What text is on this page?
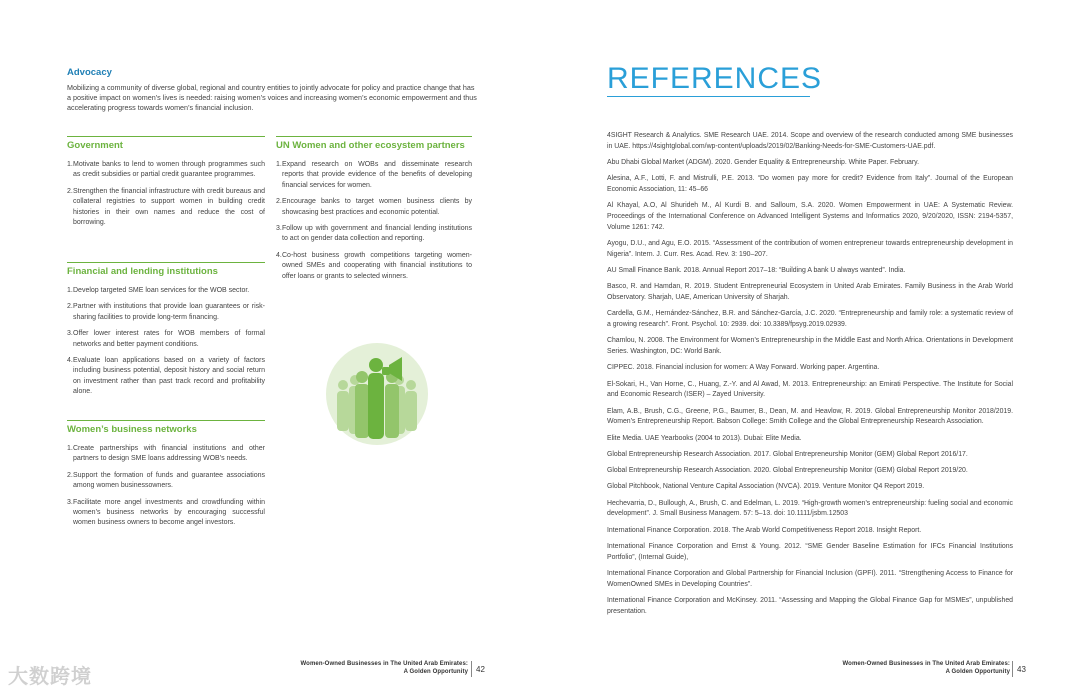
Advocacy

Mobilizing a community of diverse global, regional and country entities to jointly advocate for policy and practice change that has a positive impact on women’s lives is needed: raising women’s voices and increasing women’s economic empowerment and thus accelerating progress towards women’s financial inclusion.

Government
1. Motivate banks to lend to women through programmes such as credit subsidies or partial credit guarantee programmes.
2. Strengthen the financial infrastructure with credit bureaus and collateral registries to support women in building credit histories in their own names and reduce the cost of borrowing.
Financial and lending institutions
1. Develop targeted SME loan services for the WOB sector.
2. Partner with institutions that provide loan guarantees or risk-sharing facilities to provide long-term financing.
3. Offer lower interest rates for WOB members of formal networks and better payment conditions.
4. Evaluate loan applications based on a variety of factors including business potential, deposit history and social return on investment rather than past track record and profitability alone.
Women’s business networks
1. Create partnerships with financial institutions and other partners to design SME loans addressing WOB’s needs.
2. Support the formation of funds and guarantee associations among women businessowners.
3. Facilitate more angel investments and crowdfunding within women’s business networks by encouraging successful women business owners to become angel investors.
UN Women and other ecosystem partners
1. Expand research on WOBs and disseminate research reports that provide evidence of the benefits of developing financial services for women.
2. Encourage banks to target women business clients by showcasing best practices and economic potential.
3. Follow up with government and financial lending institutions to act on gender data collection and reporting.
4. Co-host business growth competitions targeting women-owned SMEs and cooperating with financial institutions to offer loans or grants to selected winners.
Women-Owned Businesses in The United Arab Emirates:
A Golden Opportunity 42
REFERENCES

4SIGHT Research & Analytics. SME Research UAE. 2014. Scope and overview of the research conducted among SME businesses in UAE. https://4sightglobal.com/wp-content/uploads/2019/02/Banking-Needs-for-SME-Customers-UAE.pdf.

Abu Dhabi Global Market (ADGM). 2020. Gender Equality & Entrepreneurship. White Paper. February.

Alesina, A.F., Lotti, F. and Mistrulli, P.E. 2013. “Do women pay more for credit? Evidence from Italy”. Journal of the European Economic Association, 11: 45–66

Al Khayal, A.O, Al Shurideh M., Al Kurdi B. and Salloum, S.A. 2020. Women Empowerment in UAE: A Systematic Review. Proceedings of the International Conference on Advanced Intelligent Systems and Informatics 2020, 9/20/2020, ISSN: 2194-5357, Volume 1261: 742.

Ayogu, D.U., and Agu, E.O. 2015. “Assessment of the contribution of women entrepreneur towards entrepreneurship development in Nigeria”. Intern. J. Curr. Res. Acad. Rev. 3: 190–207.

AU Small Finance Bank. 2018. Annual Report 2017–18: “Building A bank U always wanted”. India.

Basco, R. and Hamdan, R. 2019. Student Entrepreneurial Ecosystem in United Arab Emirates. Family Business in the Arab World Observatory. Sharjah, UAE, American University of Sharjah.

Cardella, G.M., Hernández-Sánchez, B.R. and Sánchez-García, J.C. 2020. “Entrepreneurship and family role: a systematic review of a growing research”. Front. Psychol. 10: 2939. doi: 10.3389/fpsyg.2019.02939.

Chamlou, N. 2008. The Environment for Women’s Entrepreneurship in the Middle East and North Africa. Orientations in Development Series. Washington, DC: World Bank.

CIPPEC. 2018. Financial inclusion for women: A Way Forward. Working paper. Argentina.

El-Sokari, H., Van Horne, C., Huang, Z.-Y. and Al Awad, M. 2013. Entrepreneurship: an Emirati Perspective. The Institute for Social and Economic Research (ISER) – Zayed University.

Elam, A.B., Brush, C.G., Greene, P.G., Baumer, B., Dean, M. and Heavlow, R. 2019. Global Entrepreneurship Monitor 2018/2019. Women’s Entrepreneurship Report. Babson College: Smith College and the Global Entrepreneurship Research Association.

Elite Media. UAE Yearbooks (2004 to 2013). Dubai: Elite Media.

Global Entrepreneurship Research Association. 2017. Global Entrepreneurship Monitor (GEM) Global Report 2016/17.

Global Entrepreneurship Research Association. 2020. Global Entrepreneurship Monitor (GEM) Global Report 2019/20.

Global Pitchbook, National Venture Capital Association (NVCA). 2019. Venture Monitor Q4 Report 2019.

Hechevarria, D., Bullough, A., Brush, C. and Edelman, L. 2019. “High-growth women’s entrepreneurship: fueling social and economic development”. J. Small Business Managem. 57: 5–13. doi: 10.1111/jsbm.12503

International Finance Corporation. 2018. The Arab World Competitiveness Report 2018. Insight Report.

International Finance Corporation and Ernst & Young. 2012. “SME Gender Baseline Estimation for IFCs Financial Institutions Portfolio”, (Internal Guide),

International Finance Corporation and Global Partnership for Financial Inclusion (GPFI). 2011. “Strengthening Access to Finance for WomenOwned SMEs in Developing Countries”.

International Finance Corporation and McKinsey. 2011. “Assessing and Mapping the Global Finance Gap for MSMEs”, unpublished presentation.

Women-Owned Businesses in The United Arab Emirates:
A Golden Opportunity 43
大数跨境
